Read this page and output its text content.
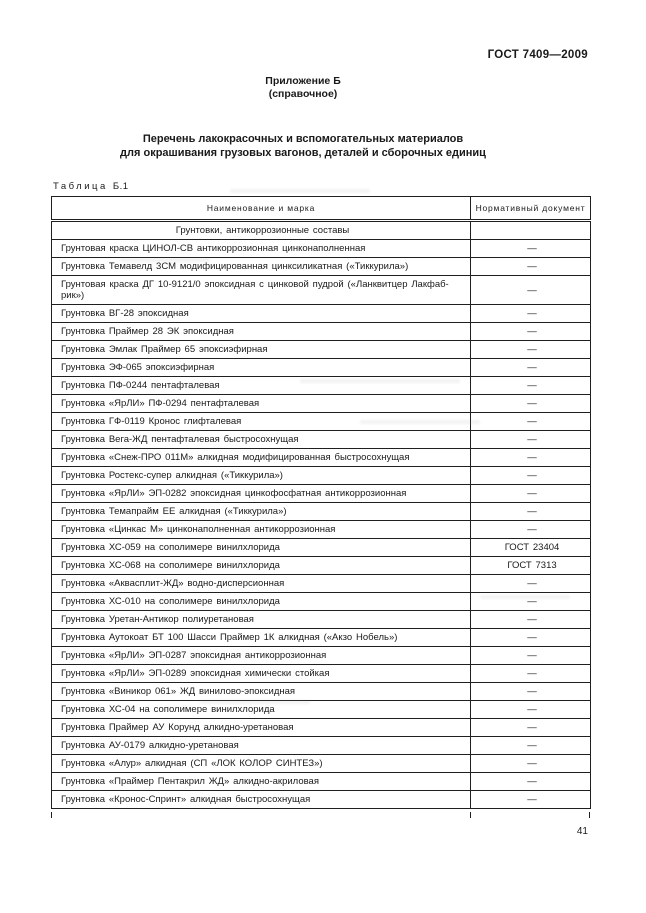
ГОСТ 7409—2009
Приложение Б
(справочное)
Перечень лакокрасочных и вспомогательных материалов
для окрашивания грузовых вагонов, деталей и сборочных единиц
Таблица Б.1
Наименование и марка	Нормативный документ
Грунтовки, антикоррозионные составы	
Грунтовая краска ЦИНОЛ-СВ антикоррозионная цинконаполненная	—
Грунтовка Темавелд 3СМ модифицированная цинксиликатная («Тиккурила»)	—
Грунтовая краска ДГ 10-9121/0 эпоксидная с цинковой пудрой («Ланквитцер Лакфабрик»)	—
Грунтовка ВГ-28 эпоксидная	—
Грунтовка Праймер 28 ЭК эпоксидная	—
Грунтовка Эмлак Праймер 65 эпоксиэфирная	—
Грунтовка ЭФ-065 эпоксиэфирная	—
Грунтовка ПФ-0244 пентафталевая	—
Грунтовка «ЯрЛИ» ПФ-0294 пентафталевая	—
Грунтовка ГФ-0119 Кронос глифталевая	—
Грунтовка Вега-ЖД пентафталевая быстросохнущая	—
Грунтовка «Снеж-ПРО 011М» алкидная модифицированная быстросохнущая	—
Грунтовка Ростекс-супер алкидная («Тиккурила»)	—
Грунтовка «ЯрЛИ» ЭП-0282 эпоксидная цинкофосфатная антикоррозионная	—
Грунтовка Темапрайм ЕЕ алкидная («Тиккурила»)	—
Грунтовка «Цинкас М» цинконаполненная антикоррозионная	—
Грунтовка ХС-059 на сополимере винилхлорида	ГОСТ 23404
Грунтовка ХС-068 на сополимере винилхлорида	ГОСТ 7313
Грунтовка «Аквасплит-ЖД» водно-дисперсионная	—
Грунтовка ХС-010 на сополимере винилхлорида	—
Грунтовка Уретан-Антикор полиуретановая	—
Грунтовка Аутокоат БТ 100 Шасси Праймер 1К алкидная («Акзо Нобель»)	—
Грунтовка «ЯрЛИ» ЭП-0287 эпоксидная антикоррозионная	—
Грунтовка «ЯрЛИ» ЭП-0289 эпоксидная химически стойкая	—
Грунтовка «Виникор 061» ЖД винилово-эпоксидная	—
Грунтовка ХС-04 на сополимере винилхлорида	—
Грунтовка Праймер АУ Корунд алкидно-уретановая	—
Грунтовка АУ-0179 алкидно-уретановая	—
Грунтовка «Алур» алкидная (СП «ЛОК КОЛОР СИНТЕЗ»)	—
Грунтовка «Праймер Пентакрил ЖД» алкидно-акриловая	—
Грунтовка «Кронос-Спринт» алкидная быстросохнущая	—
41
